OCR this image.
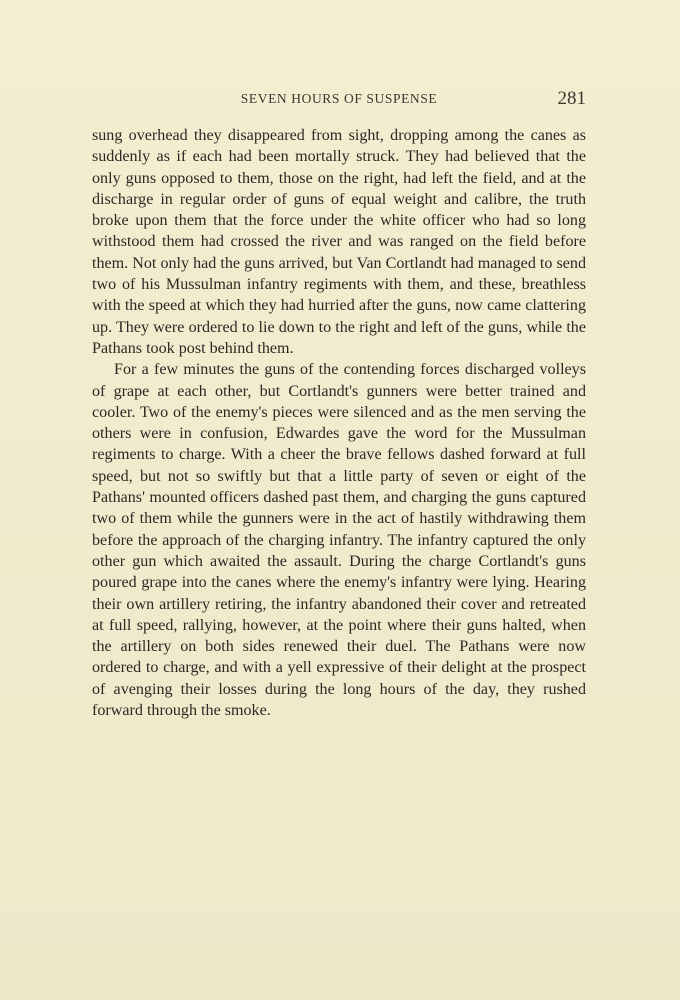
SEVEN HOURS OF SUSPENSE	281

sung overhead they disappeared from sight, dropping among the canes as suddenly as if each had been mortally struck. They had believed that the only guns opposed to them, those on the right, had left the field, and at the discharge in regular order of guns of equal weight and calibre, the truth broke upon them that the force under the white officer who had so long withstood them had crossed the river and was ranged on the field before them. Not only had the guns arrived, but Van Cortlandt had managed to send two of his Mussulman infantry regiments with them, and these, breathless with the speed at which they had hurried after the guns, now came clattering up. They were ordered to lie down to the right and left of the guns, while the Pathans took post behind them.

For a few minutes the guns of the contending forces discharged volleys of grape at each other, but Cortlandt's gunners were better trained and cooler. Two of the enemy's pieces were silenced and as the men serving the others were in confusion, Edwardes gave the word for the Mussulman regiments to charge. With a cheer the brave fellows dashed forward at full speed, but not so swiftly but that a little party of seven or eight of the Pathans' mounted officers dashed past them, and charging the guns captured two of them while the gunners were in the act of hastily withdrawing them before the approach of the charging infantry. The infantry captured the only other gun which awaited the assault. During the charge Cortlandt's guns poured grape into the canes where the enemy's infantry were lying. Hearing their own artillery retiring, the infantry abandoned their cover and retreated at full speed, rallying, however, at the point where their guns halted, when the artillery on both sides renewed their duel. The Pathans were now ordered to charge, and with a yell expressive of their delight at the prospect of avenging their losses during the long hours of the day, they rushed forward through the smoke.
